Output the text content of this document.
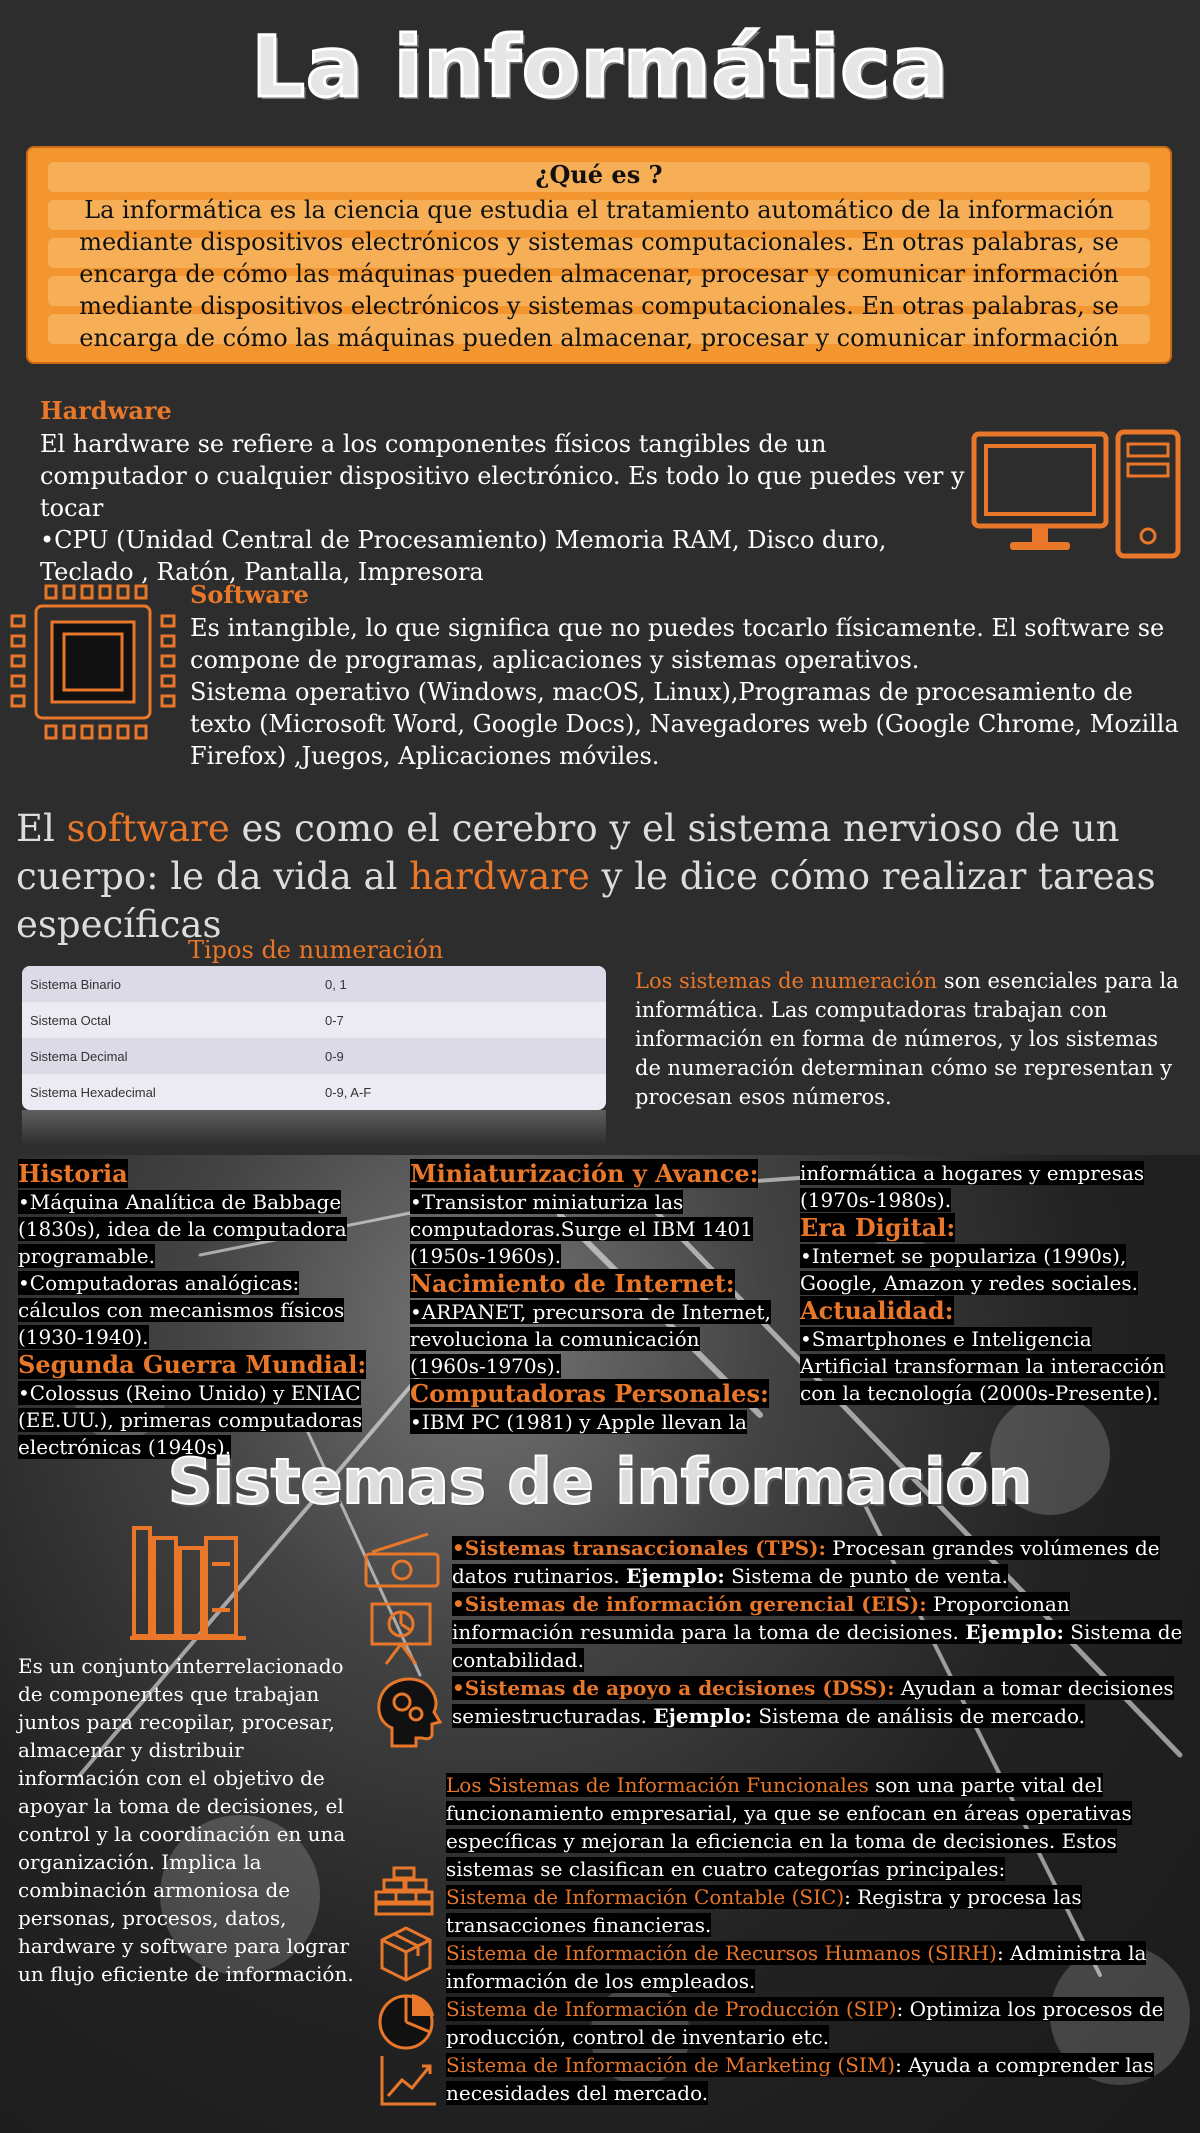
La informática
¿Qué es ?
La informática es la ciencia que estudia el tratamiento automático de la información mediante dispositivos electrónicos y sistemas computacionales. En otras palabras, se encarga de cómo las máquinas pueden almacenar, procesar y comunicar información mediante dispositivos electrónicos y sistemas computacionales. En otras palabras, se encarga de cómo las máquinas pueden almacenar, procesar y comunicar información
Hardware
El hardware se refiere a los componentes físicos tangibles de un computador o cualquier dispositivo electrónico. Es todo lo que puedes ver y tocar
•CPU (Unidad Central de Procesamiento) Memoria RAM, Disco duro, Teclado , Ratón, Pantalla, Impresora
Software
Es intangible, lo que significa que no puedes tocarlo físicamente. El software se compone de programas, aplicaciones y sistemas operativos.
Sistema operativo (Windows, macOS, Linux),Programas de procesamiento de texto (Microsoft Word, Google Docs), Navegadores web (Google Chrome, Mozilla Firefox) ,Juegos, Aplicaciones móviles.
El software es como el cerebro y el sistema nervioso de un cuerpo: le da vida al hardware y le dice cómo realizar tareas específicas
Tipos de numeración
Sistema Binario	0, 1
Sistema Octal	0-7
Sistema Decimal	0-9
Sistema Hexadecimal	0-9, A-F
Los sistemas de numeración son esenciales para la informática. Las computadoras trabajan con información en forma de números, y los sistemas de numeración determinan cómo se representan y procesan esos números.
Historia
•Máquina Analítica de Babbage (1830s), idea de la computadora programable.
•Computadoras analógicas: cálculos con mecanismos físicos (1930-1940).
Segunda Guerra Mundial:
•Colossus (Reino Unido) y ENIAC (EE.UU.), primeras computadoras electrónicas (1940s).
Miniaturización y Avance:
•Transistor miniaturiza las computadoras.Surge el IBM 1401 (1950s-1960s).
Nacimiento de Internet:
•ARPANET, precursora de Internet, revoluciona la comunicación (1960s-1970s).
Computadoras Personales:
•IBM PC (1981) y Apple llevan la
informática a hogares y empresas (1970s-1980s).
Era Digital:
•Internet se populariza (1990s), Google, Amazon y redes sociales.
Actualidad:
•Smartphones e Inteligencia Artificial transforman la interacción con la tecnología (2000s-Presente).
Sistemas de información
Es un conjunto interrelacionado de componentes que trabajan juntos para recopilar, procesar, almacenar y distribuir información con el objetivo de apoyar la toma de decisiones, el control y la coordinación en una organización. Implica la combinación armoniosa de personas, procesos, datos, hardware y software para lograr un flujo eficiente de información.
•Sistemas transaccionales (TPS): Procesan grandes volúmenes de datos rutinarios. Ejemplo: Sistema de punto de venta.
•Sistemas de información gerencial (EIS): Proporcionan información resumida para la toma de decisiones. Ejemplo: Sistema de contabilidad.
•Sistemas de apoyo a decisiones (DSS): Ayudan a tomar decisiones semiestructuradas. Ejemplo: Sistema de análisis de mercado.
Los Sistemas de Información Funcionales son una parte vital del funcionamiento empresarial, ya que se enfocan en áreas operativas específicas y mejoran la eficiencia en la toma de decisiones. Estos sistemas se clasifican en cuatro categorías principales:
Sistema de Información Contable (SIC): Registra y procesa las transacciones financieras.
Sistema de Información de Recursos Humanos (SIRH): Administra la información de los empleados.
Sistema de Información de Producción (SIP): Optimiza los procesos de producción, control de inventario etc.
Sistema de Información de Marketing (SIM): Ayuda a comprender las necesidades del mercado.
